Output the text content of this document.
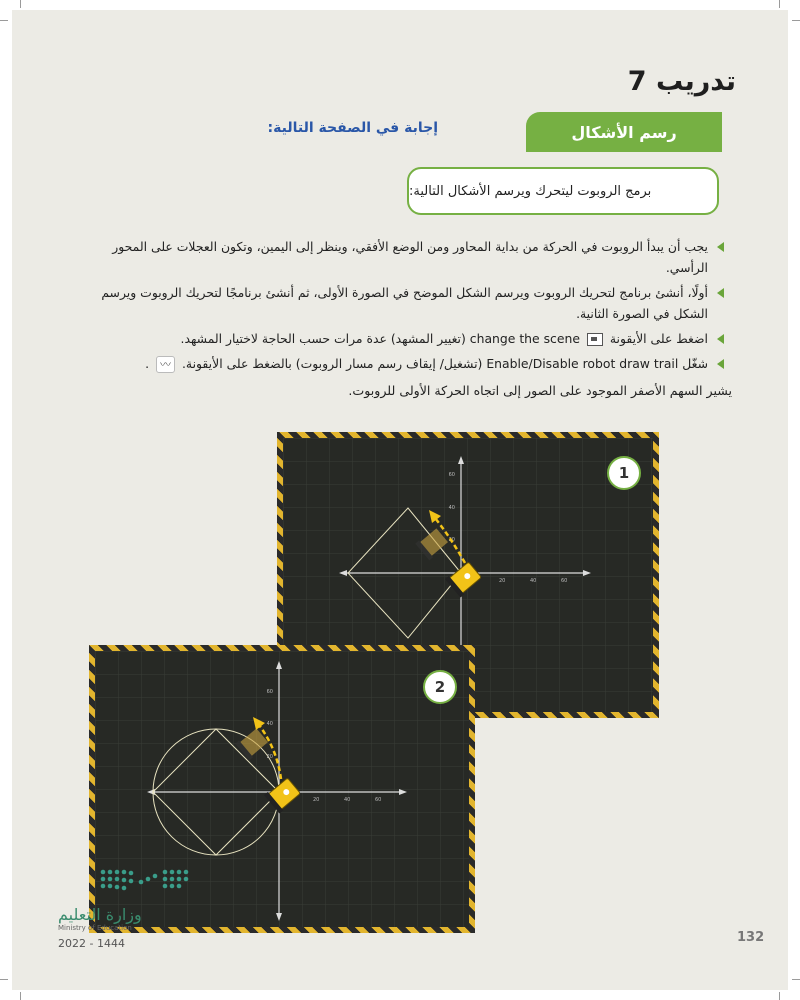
تدريب 7
رسم الأشكال
إجابة في الصفحة التالية:
برمج الروبوت ليتحرك ويرسم الأشكال التالية:
يجب أن يبدأ الروبوت في الحركة من بداية المحاور ومن الوضع الأفقي، وينظر إلى اليمين، وتكون العجلات على المحور الرأسي.
أولًا، أنشئ برنامج لتحريك الروبوت ويرسم الشكل الموضح في الصورة الأولى، ثم أنشئ برنامجًا لتحريك الروبوت ويرسم الشكل في الصورة الثانية.
اضغط على الأيقونة  change the scene (تغيير المشهد) عدة مرات حسب الحاجة لاختيار المشهد.
شغّل Enable/Disable robot draw trail (تشغيل/ إيقاف رسم مسار الروبوت) بالضغط على الأيقونة. 〰 .
يشير السهم الأصفر الموجود على الصور إلى اتجاه الحركة الأولى للروبوت.
60
40
20
20	40	60
1
60
40
20
20	40	60
2
وزارة التعليم
Ministry of Education
2022 - 1444	132
